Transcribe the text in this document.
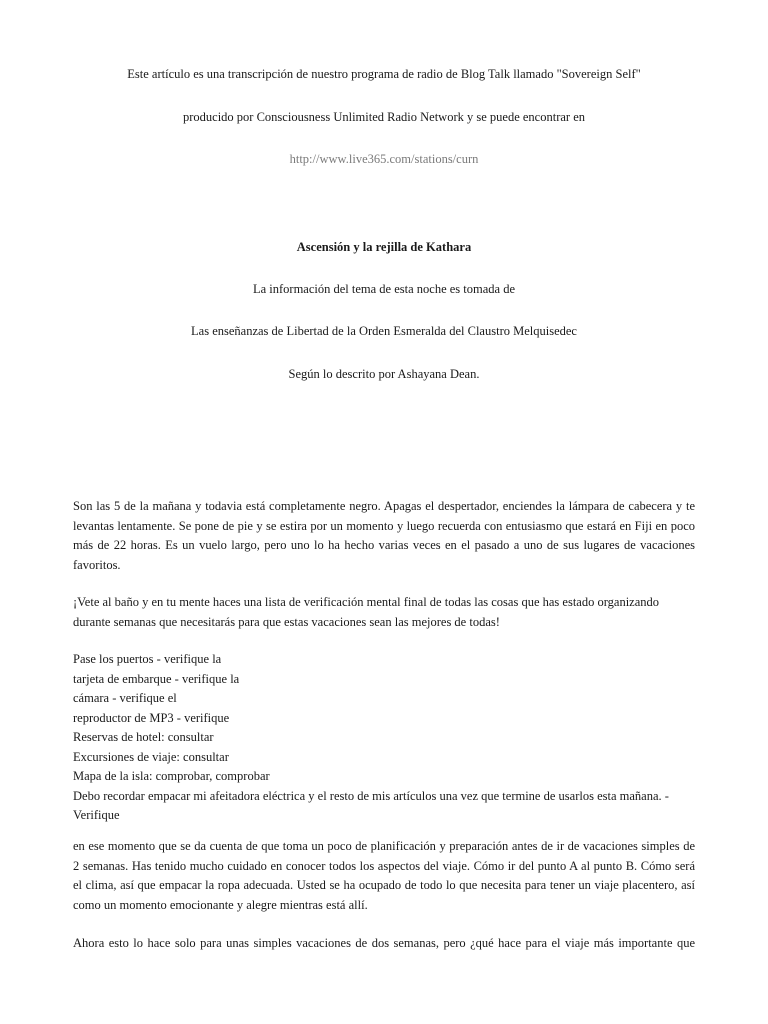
Este artículo es una transcripción de nuestro programa de radio de Blog Talk llamado "Sovereign Self"
producido por Consciousness Unlimited Radio Network y se puede encontrar en
http://www.live365.com/stations/curn
Ascensión y la rejilla de Kathara
La información del tema de esta noche es tomada de
Las enseñanzas de Libertad de la Orden Esmeralda del Claustro Melquisedec
Según lo descrito por Ashayana Dean.
Son las 5 de la mañana y todavia está completamente negro. Apagas el despertador, enciendes la lámpara de cabecera y te
levantas lentamente. Se pone de pie y se estira por un momento y luego recuerda con entusiasmo que estará en Fiji en poco
más de 22 horas. Es un vuelo largo, pero uno lo ha hecho varias veces en el pasado a uno de sus lugares de vacaciones
favoritos.
¡Vete al baño y en tu mente haces una lista de verificación mental final de todas las cosas que has estado organizando
durante semanas que necesitarás para que estas vacaciones sean las mejores de todas!
Pase los puertos - verifique la
tarjeta de embarque - verifique la
cámara - verifique el
reproductor de MP3 - verifique
Reservas de hotel: consultar
Excursiones de viaje: consultar
Mapa de la isla: comprobar, comprobar
Debo recordar empacar mi afeitadora eléctrica y el resto de mis artículos una vez que termine de usarlos esta mañana. -
Verifique
en ese momento que se da cuenta de que toma un poco de planificación y preparación antes de ir de vacaciones simples de
2 semanas. Has tenido mucho cuidado en conocer todos los aspectos del viaje. Cómo ir del punto A al punto B. Cómo será
el clima, así que empacar la ropa adecuada. Usted se ha ocupado de todo lo que necesita para tener un viaje placentero, así
como un momento emocionante y alegre mientras está allí.
Ahora esto lo hace solo para unas simples vacaciones de dos semanas, pero ¿qué hace para el viaje más importante que
